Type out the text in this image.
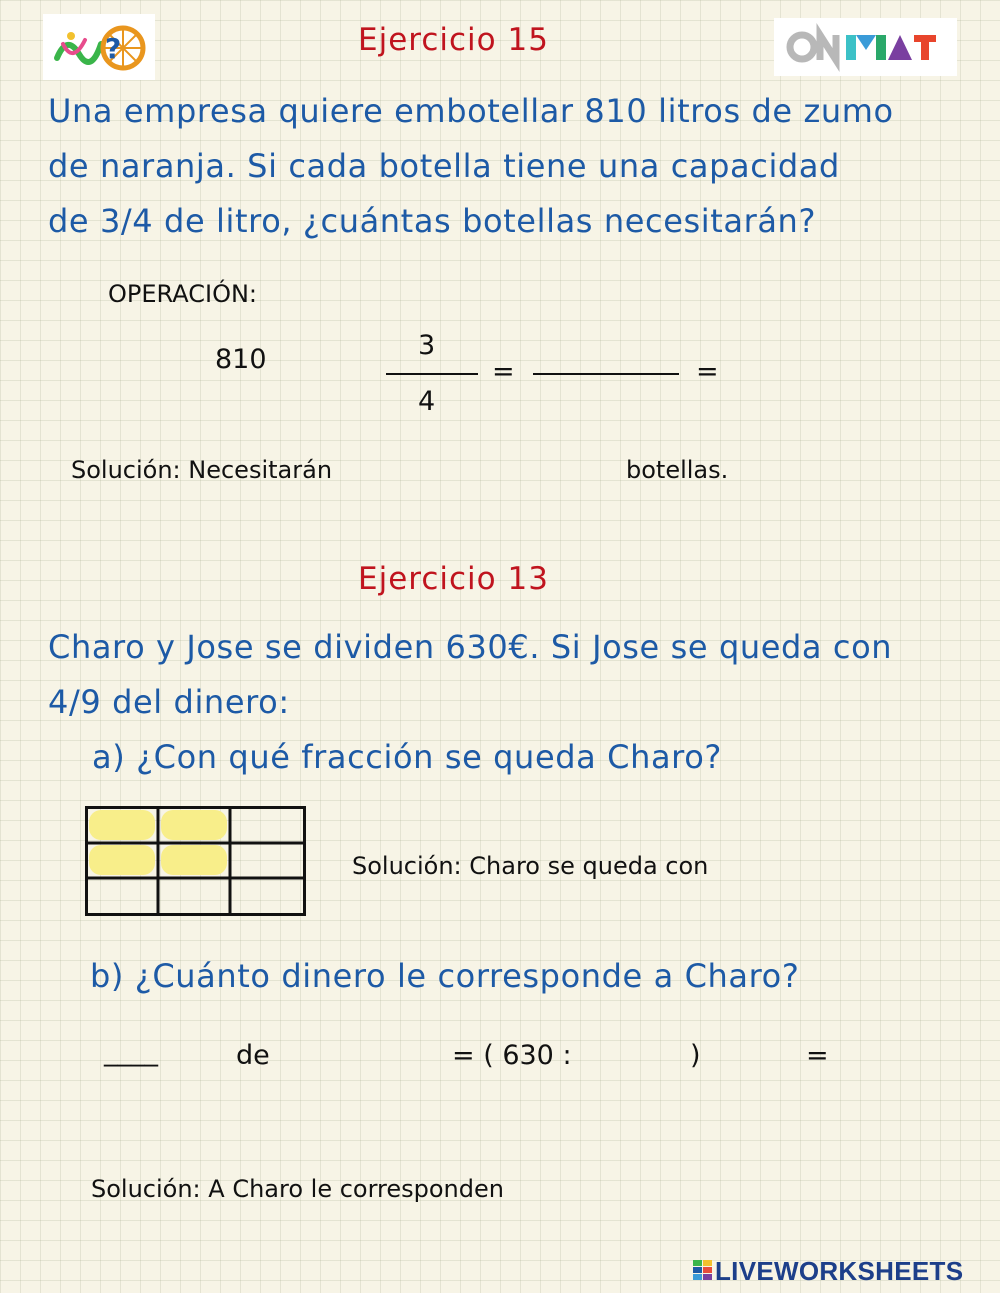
?	Ejercicio 15
Una empresa quiere embotellar 810 litros de zumo
de naranja. Si cada botella tiene una capacidad
de 3/4 de litro, ¿cuántas botellas necesitarán?
OPERACIÓN:
810	3
4
=	=
Solución: Necesitarán	botellas.
Ejercicio 13
Charo y Jose se dividen 630€. Si Jose se queda con
4/9 del dinero:
a) ¿Con qué fracción se queda Charo?
Solución: Charo se queda con
b) ¿Cuánto dinero le corresponde a Charo?
____	de	= ( 630 :	)	=
Solución: A Charo le corresponden
LIVEWORKSHEETS
